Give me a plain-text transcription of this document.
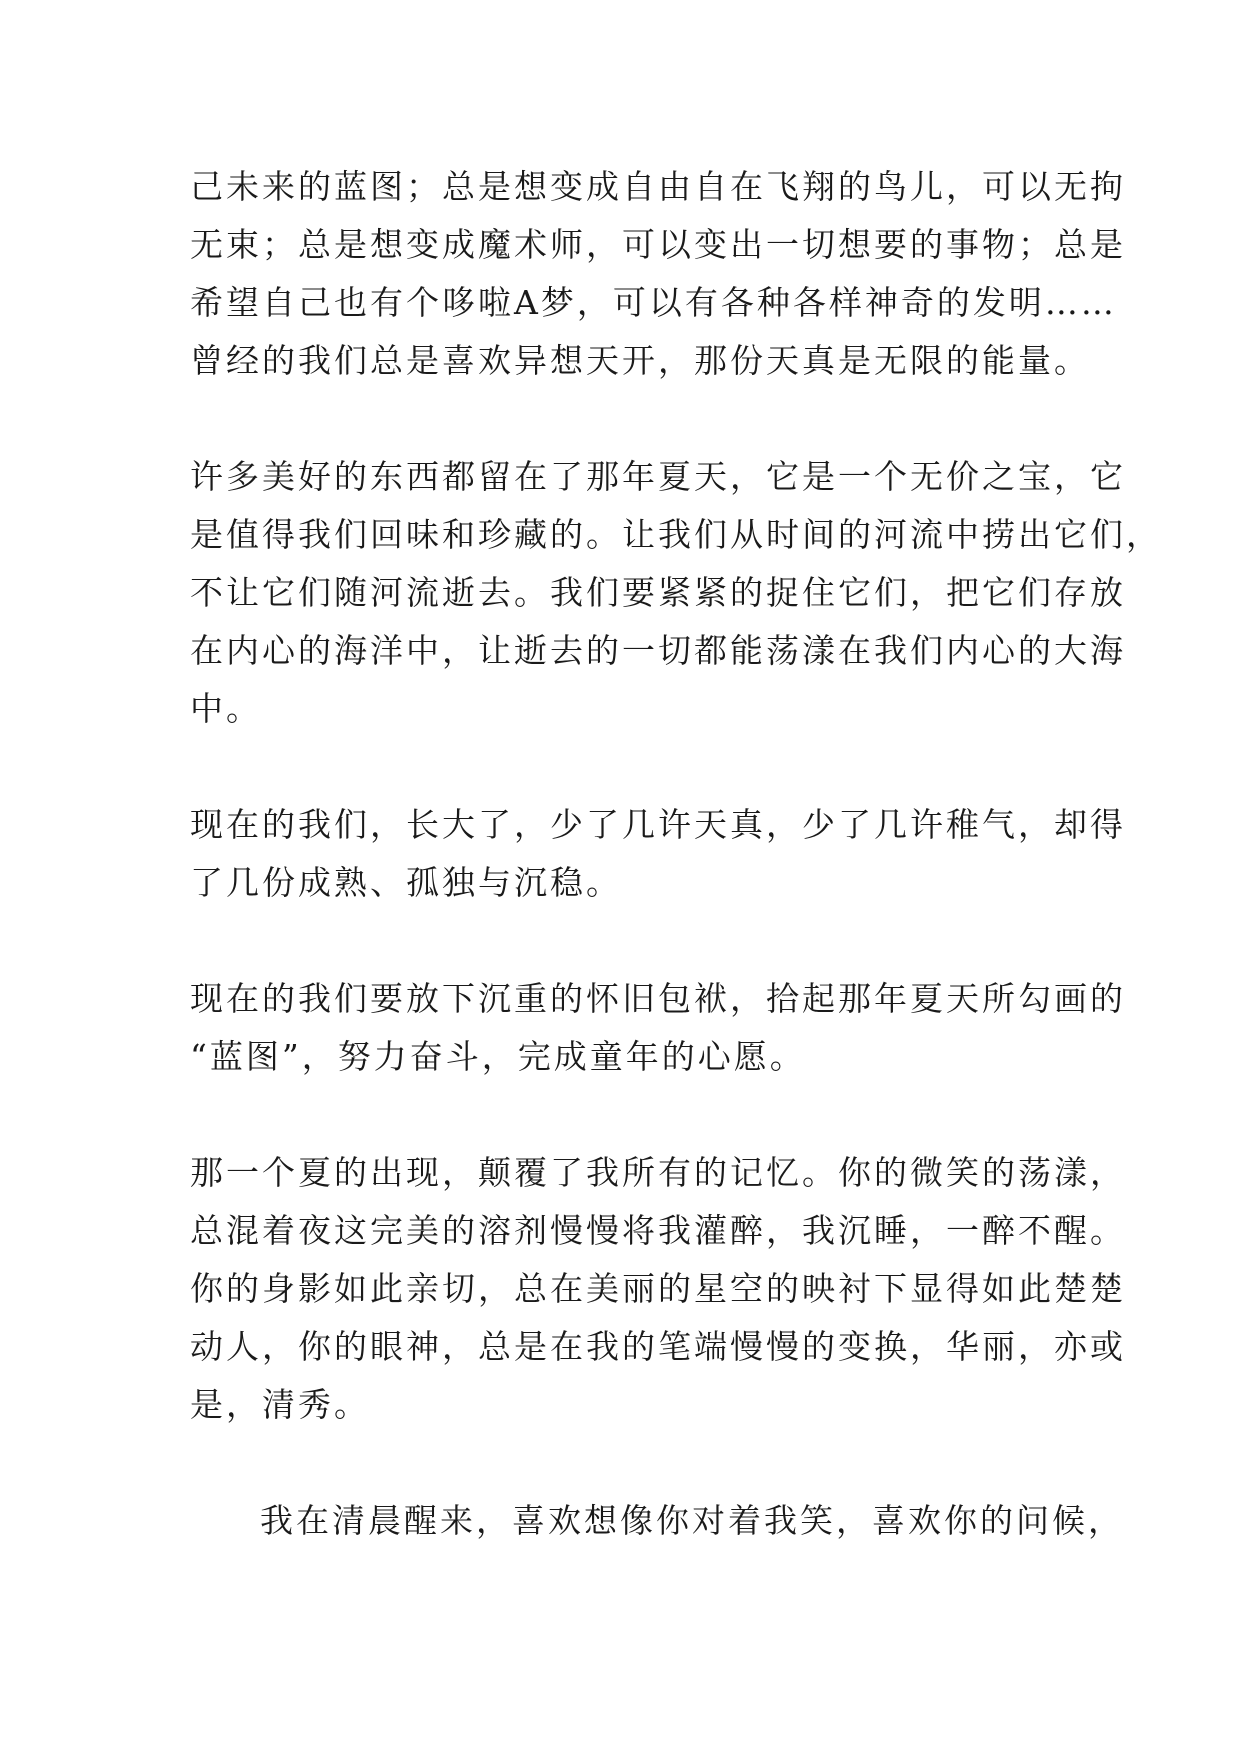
己未来的蓝图；总是想变成自由自在飞翔的鸟儿，可以无拘
无束；总是想变成魔术师，可以变出一切想要的事物；总是
希望自己也有个哆啦A梦，可以有各种各样神奇的发明……
曾经的我们总是喜欢异想天开，那份天真是无限的能量。

许多美好的东西都留在了那年夏天，它是一个无价之宝，它
是值得我们回味和珍藏的。让我们从时间的河流中捞出它们，
不让它们随河流逝去。我们要紧紧的捉住它们，把它们存放
在内心的海洋中，让逝去的一切都能荡漾在我们内心的大海
中。

现在的我们，长大了，少了几许天真，少了几许稚气，却得
了几份成熟、孤独与沉稳。

现在的我们要放下沉重的怀旧包袱，拾起那年夏天所勾画的
“蓝图”，努力奋斗，完成童年的心愿。

那一个夏的出现，颠覆了我所有的记忆。你的微笑的荡漾，
总混着夜这完美的溶剂慢慢将我灌醉，我沉睡，一醉不醒。
你的身影如此亲切，总在美丽的星空的映衬下显得如此楚楚
动人，你的眼神，总是在我的笔端慢慢的变换，华丽，亦或
是，清秀。

我在清晨醒来，喜欢想像你对着我笑，喜欢你的问候，
